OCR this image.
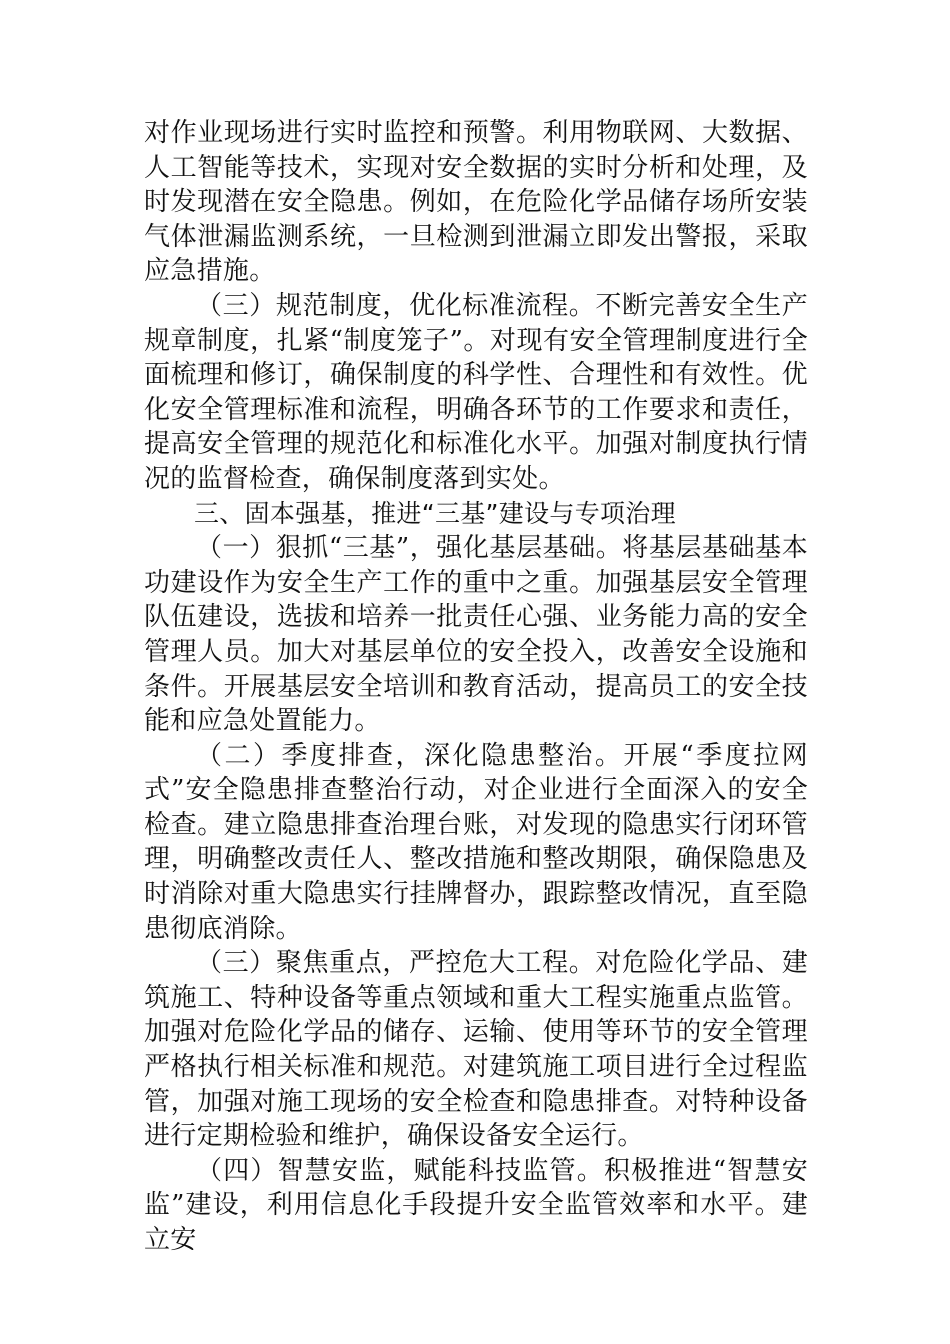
对作业现场进行实时监控和预警。利用物联网、大数据、人工智能等技术，实现对安全数据的实时分析和处理，及时发现潜在安全隐患。例如，在危险化学品储存场所安装气体泄漏监测系统，一旦检测到泄漏立即发出警报，采取应急措施。

（三）规范制度，优化标准流程。不断完善安全生产规章制度，扎紧“制度笼子”。对现有安全管理制度进行全面梳理和修订，确保制度的科学性、合理性和有效性。优化安全管理标准和流程，明确各环节的工作要求和责任，提高安全管理的规范化和标准化水平。加强对制度执行情况的监督检查，确保制度落到实处。

三、固本强基，推进“三基”建设与专项治理

（一）狠抓“三基”，强化基层基础。将基层基础基本功建设作为安全生产工作的重中之重。加强基层安全管理队伍建设，选拔和培养一批责任心强、业务能力高的安全管理人员。加大对基层单位的安全投入，改善安全设施和条件。开展基层安全培训和教育活动，提高员工的安全技能和应急处置能力。

（二）季度排查，深化隐患整治。开展“季度拉网式”安全隐患排查整治行动，对企业进行全面深入的安全检查。建立隐患排查治理台账，对发现的隐患实行闭环管理，明确整改责任人、整改措施和整改期限，确保隐患及时消除对重大隐患实行挂牌督办，跟踪整改情况，直至隐患彻底消除。

（三）聚焦重点，严控危大工程。对危险化学品、建筑施工、特种设备等重点领域和重大工程实施重点监管。加强对危险化学品的储存、运输、使用等环节的安全管理严格执行相关标准和规范。对建筑施工项目进行全过程监管，加强对施工现场的安全检查和隐患排查。对特种设备进行定期检验和维护，确保设备安全运行。

（四）智慧安监，赋能科技监管。积极推进“智慧安监”建设，利用信息化手段提升安全监管效率和水平。建立安
